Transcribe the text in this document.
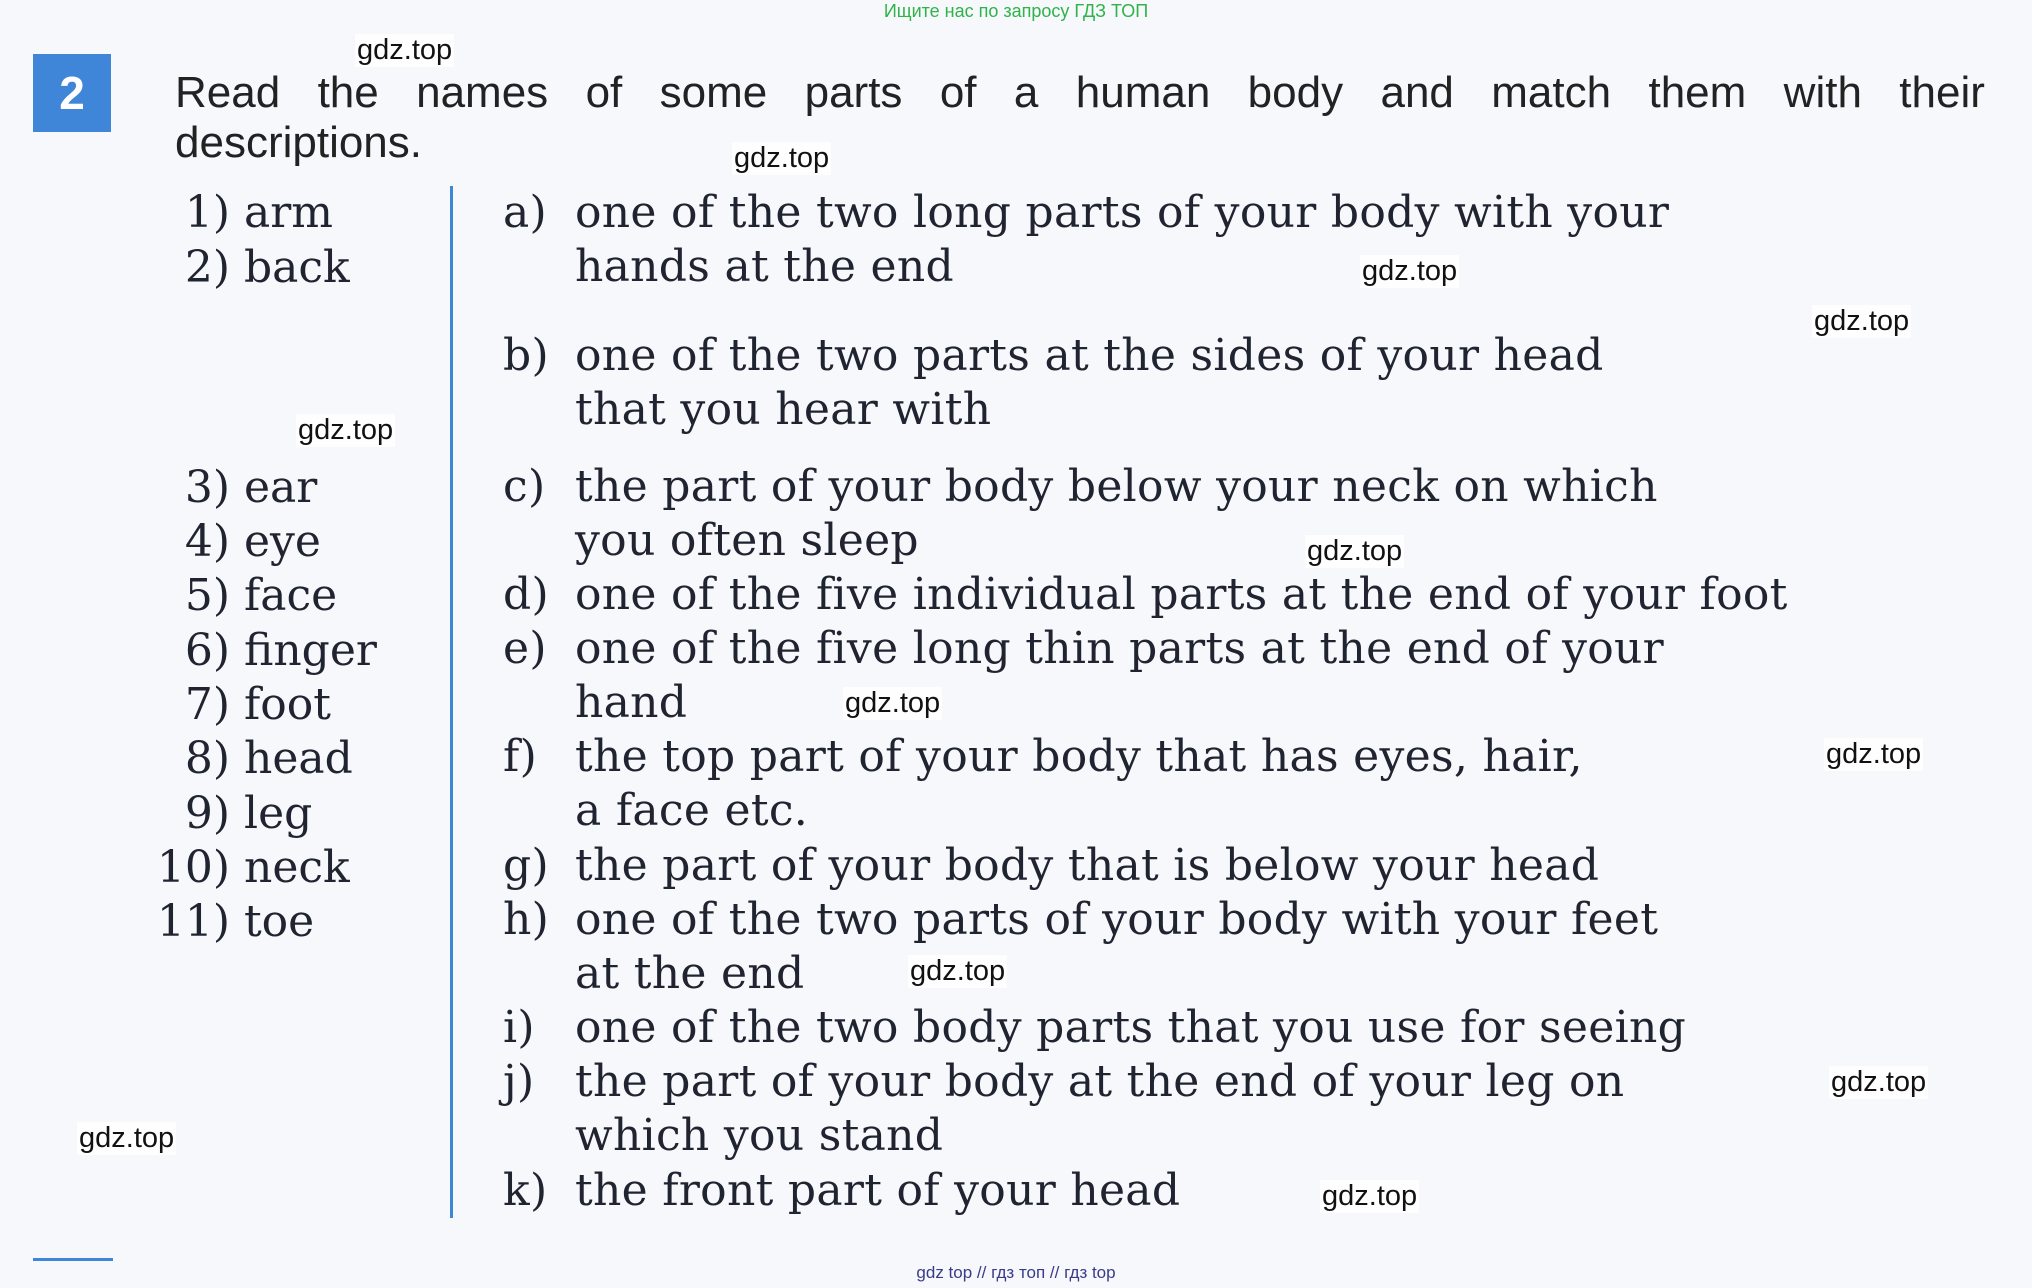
Ищите нас по запросу ГДЗ ТОП
2	Read the names of some parts of a human body and match them with their
descriptions.
1) arm
2) back
3) ear
4) eye
5) face
6) finger
7) foot
8) head
9) leg
10) neck
11) toe
a) one of the two long parts of your body with your
hands at the end
b) one of the two parts at the sides of your head
that you hear with
c) the part of your body below your neck on which
you often sleep
d) one of the five individual parts at the end of your foot
e) one of the five long thin parts at the end of your
hand
f) the top part of your body that has eyes, hair,
a face etc.
g) the part of your body that is below your head
h) one of the two parts of your body with your feet
at the end
i) one of the two body parts that you use for seeing
j) the part of your body at the end of your leg on
which you stand
k) the front part of your head
gdz.top
gdz.top
gdz.top
gdz.top
gdz.top
gdz.top
gdz.top
gdz.top
gdz.top
gdz.top
gdz.top
gdz.top
gdz top // гдз топ // гдз top
